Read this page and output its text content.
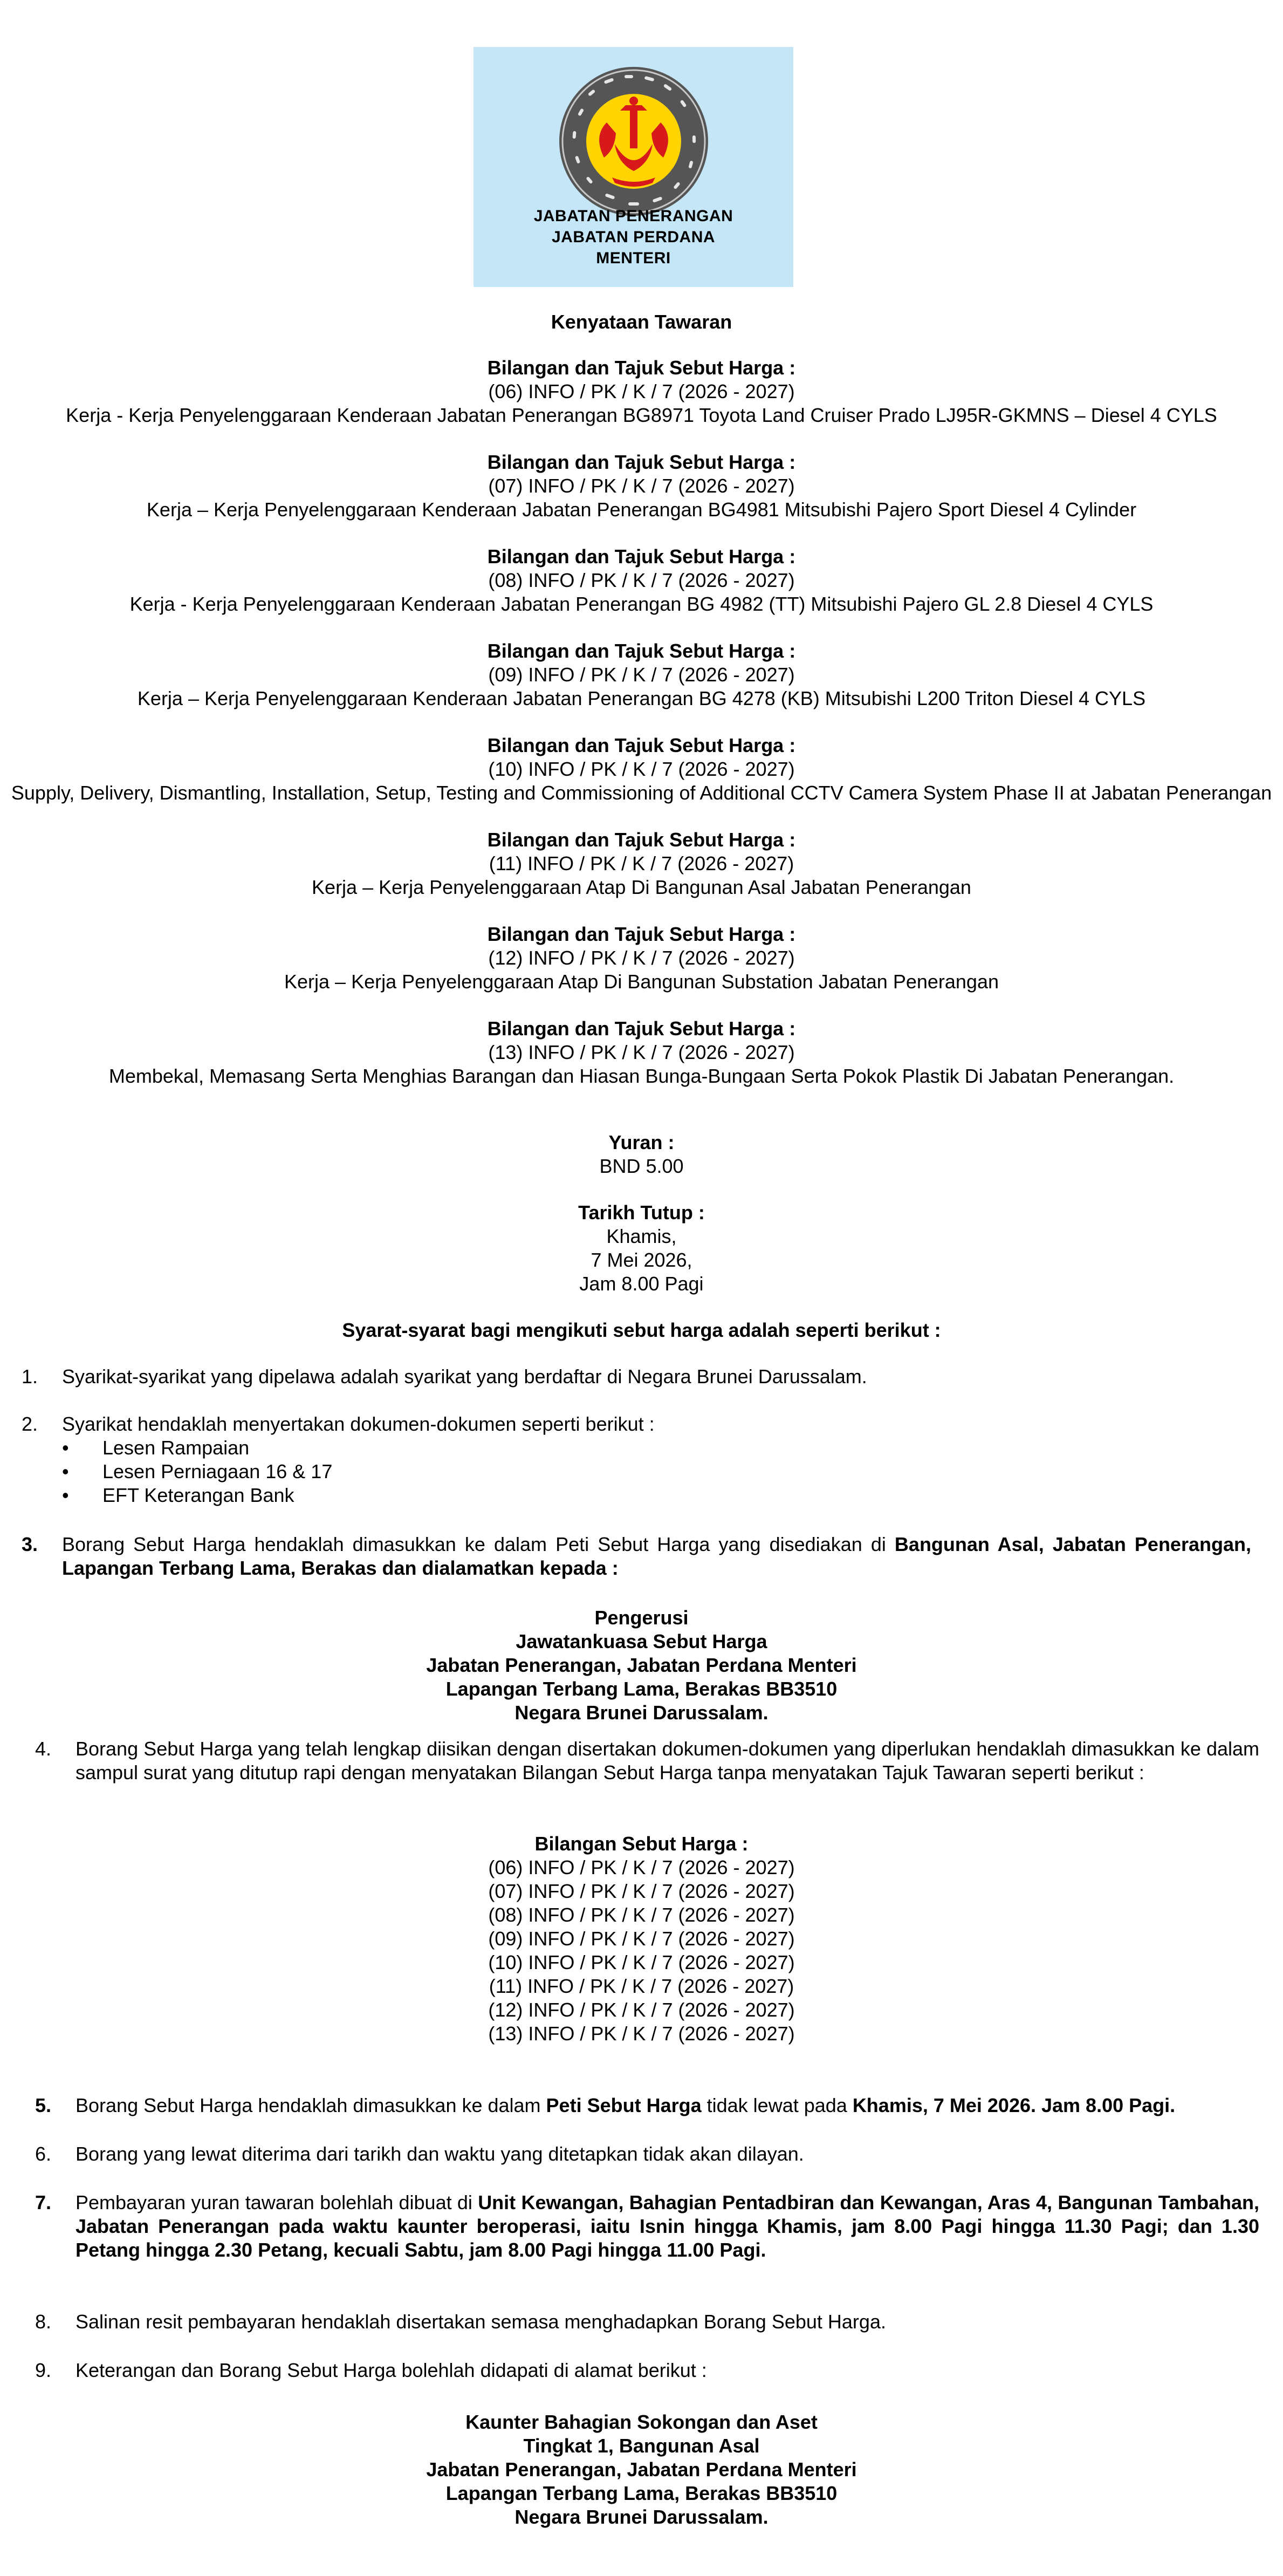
JABATAN PENERANGAN
JABATAN PERDANA
MENTERI
Kenyataan Tawaran
Bilangan dan Tajuk Sebut Harga :
(06) INFO / PK / K / 7 (2026 - 2027)
Kerja - Kerja Penyelenggaraan Kenderaan Jabatan Penerangan BG8971 Toyota Land Cruiser Prado LJ95R-GKMNS – Diesel 4 CYLS
Bilangan dan Tajuk Sebut Harga :
(07) INFO / PK / K / 7 (2026 - 2027)
Kerja – Kerja Penyelenggaraan Kenderaan Jabatan Penerangan BG4981 Mitsubishi Pajero Sport Diesel 4 Cylinder
Bilangan dan Tajuk Sebut Harga :
(08) INFO / PK / K / 7 (2026 - 2027)
Kerja - Kerja Penyelenggaraan Kenderaan Jabatan Penerangan BG 4982 (TT) Mitsubishi Pajero GL 2.8 Diesel 4 CYLS
Bilangan dan Tajuk Sebut Harga :
(09) INFO / PK / K / 7 (2026 - 2027)
Kerja – Kerja Penyelenggaraan Kenderaan Jabatan Penerangan BG 4278 (KB) Mitsubishi L200 Triton Diesel 4 CYLS
Bilangan dan Tajuk Sebut Harga :
(10) INFO / PK / K / 7 (2026 - 2027)
Supply, Delivery, Dismantling, Installation, Setup, Testing and Commissioning of Additional CCTV Camera System Phase II at Jabatan Penerangan
Bilangan dan Tajuk Sebut Harga :
(11) INFO / PK / K / 7 (2026 - 2027)
Kerja – Kerja Penyelenggaraan Atap Di Bangunan Asal Jabatan Penerangan
Bilangan dan Tajuk Sebut Harga :
(12) INFO / PK / K / 7 (2026 - 2027)
Kerja – Kerja Penyelenggaraan Atap Di Bangunan Substation Jabatan Penerangan
Bilangan dan Tajuk Sebut Harga :
(13) INFO / PK / K / 7 (2026 - 2027)
Membekal, Memasang Serta Menghias Barangan dan Hiasan Bunga-Bungaan Serta Pokok Plastik Di Jabatan Penerangan.
Yuran :
BND 5.00
Tarikh Tutup :
Khamis,
7 Mei 2026,
Jam 8.00 Pagi
Syarat-syarat bagi mengikuti sebut harga adalah seperti berikut :
1. Syarikat-syarikat yang dipelawa adalah syarikat yang berdaftar di Negara Brunei Darussalam.
2. Syarikat hendaklah menyertakan dokumen-dokumen seperti berikut :
• Lesen Rampaian
• Lesen Perniagaan 16 & 17
• EFT Keterangan Bank
3. Borang Sebut Harga hendaklah dimasukkan ke dalam Peti Sebut Harga yang disediakan di Bangunan Asal, Jabatan Penerangan, Lapangan Terbang Lama, Berakas dan dialamatkan kepada :
Pengerusi
Jawatankuasa Sebut Harga
Jabatan Penerangan, Jabatan Perdana Menteri
Lapangan Terbang Lama, Berakas BB3510
Negara Brunei Darussalam.
4. Borang Sebut Harga yang telah lengkap diisikan dengan disertakan dokumen-dokumen yang diperlukan hendaklah dimasukkan ke dalam sampul surat yang ditutup rapi dengan menyatakan Bilangan Sebut Harga tanpa menyatakan Tajuk Tawaran seperti berikut :
Bilangan Sebut Harga :
(06) INFO / PK / K / 7 (2026 - 2027)
(07) INFO / PK / K / 7 (2026 - 2027)
(08) INFO / PK / K / 7 (2026 - 2027)
(09) INFO / PK / K / 7 (2026 - 2027)
(10) INFO / PK / K / 7 (2026 - 2027)
(11) INFO / PK / K / 7 (2026 - 2027)
(12) INFO / PK / K / 7 (2026 - 2027)
(13) INFO / PK / K / 7 (2026 - 2027)
5. Borang Sebut Harga hendaklah dimasukkan ke dalam Peti Sebut Harga tidak lewat pada Khamis, 7 Mei 2026. Jam 8.00 Pagi.
6. Borang yang lewat diterima dari tarikh dan waktu yang ditetapkan tidak akan dilayan.
7. Pembayaran yuran tawaran bolehlah dibuat di Unit Kewangan, Bahagian Pentadbiran dan Kewangan, Aras 4, Bangunan Tambahan, Jabatan Penerangan pada waktu kaunter beroperasi, iaitu Isnin hingga Khamis, jam 8.00 Pagi hingga 11.30 Pagi; dan 1.30 Petang hingga 2.30 Petang, kecuali Sabtu, jam 8.00 Pagi hingga 11.00 Pagi.
8. Salinan resit pembayaran hendaklah disertakan semasa menghadapkan Borang Sebut Harga.
9. Keterangan dan Borang Sebut Harga bolehlah didapati di alamat berikut :
Kaunter Bahagian Sokongan dan Aset
Tingkat 1, Bangunan Asal
Jabatan Penerangan, Jabatan Perdana Menteri
Lapangan Terbang Lama, Berakas BB3510
Negara Brunei Darussalam.
